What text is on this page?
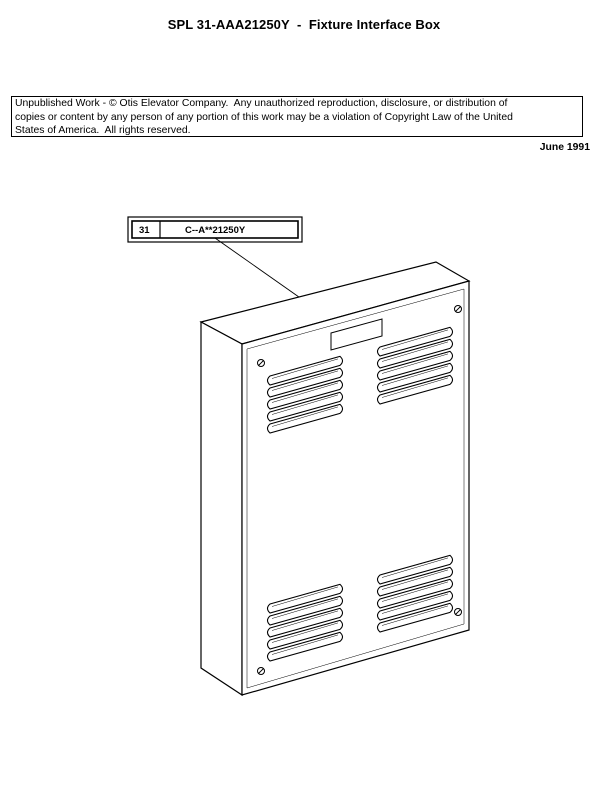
SPL 31-AAA21250Y  -  Fixture Interface Box
Unpublished Work - © Otis Elevator Company.  Any unauthorized reproduction, disclosure, or distribution of
copies or content by any person of any portion of this work may be a violation of Copyright Law of the United
States of America.  All rights reserved.
June 1991
31	C--A**21250Y
